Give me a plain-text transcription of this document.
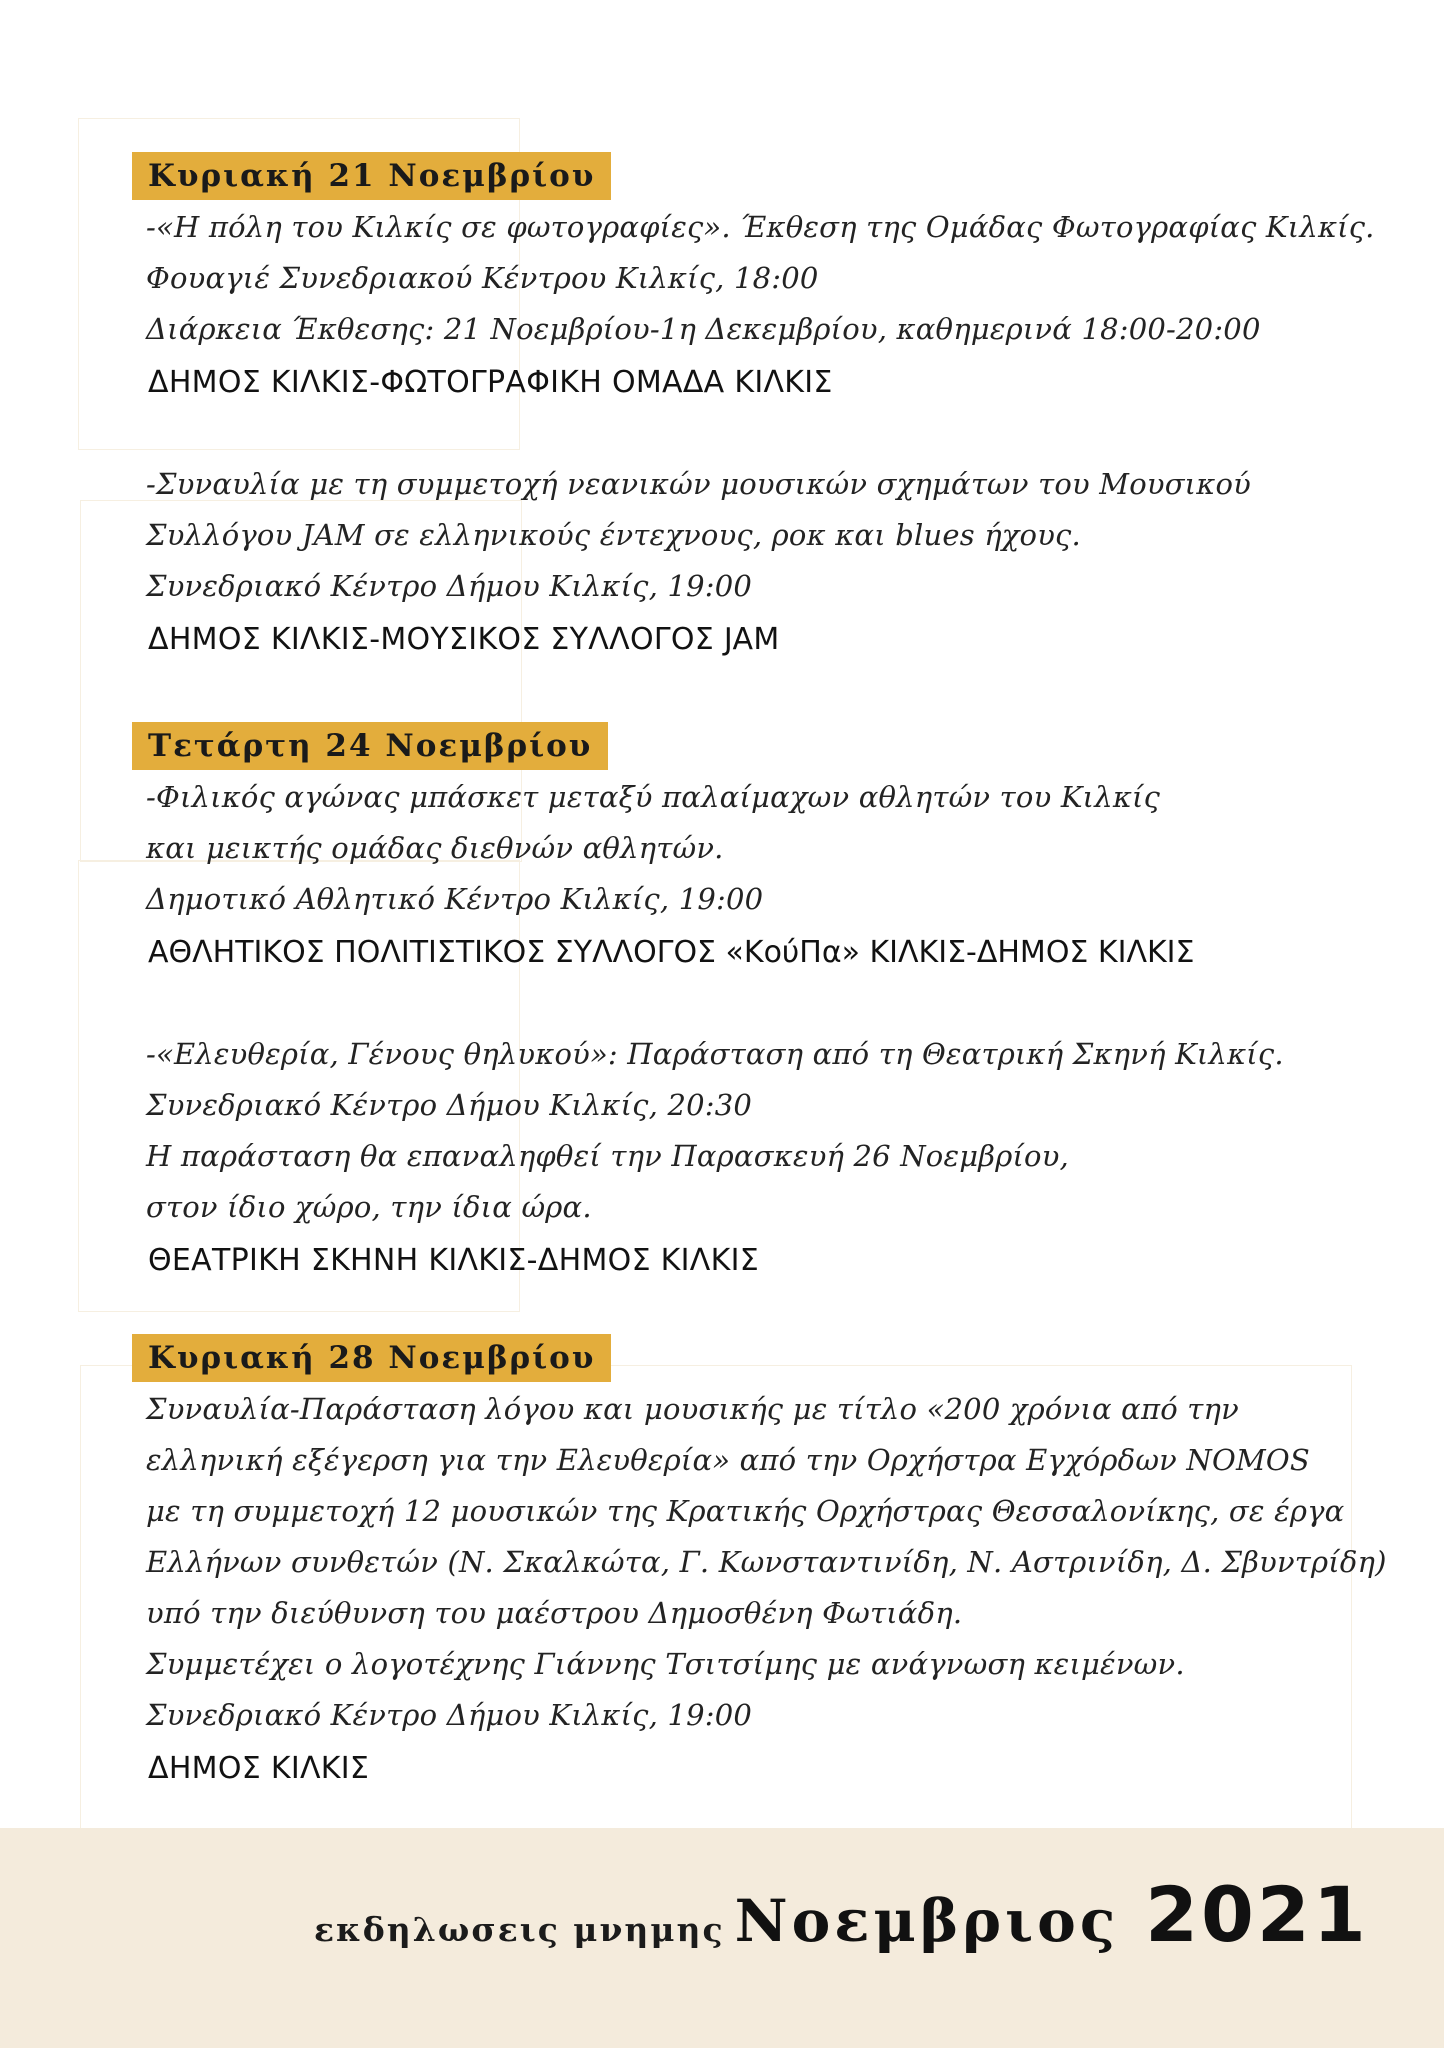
Κυριακή 21 Νοεμβρίου
-«Η πόλη του Κιλκίς σε φωτογραφίες». Έκθεση της Ομάδας Φωτογραφίας Κιλκίς.
Φουαγιέ Συνεδριακού Κέντρου Κιλκίς, 18:00
Διάρκεια Έκθεσης: 21 Νοεμβρίου-1η Δεκεμβρίου, καθημερινά 18:00-20:00
ΔΗΜΟΣ ΚΙΛΚΙΣ-ΦΩΤΟΓΡΑΦΙΚΗ ΟΜΑΔΑ ΚΙΛΚΙΣ
-Συναυλία με τη συμμετοχή νεανικών μουσικών σχημάτων του Μουσικού
Συλλόγου JAM σε ελληνικούς έντεχνους, ροκ και blues ήχους.
Συνεδριακό Κέντρο Δήμου Κιλκίς, 19:00
ΔΗΜΟΣ ΚΙΛΚΙΣ-ΜΟΥΣΙΚΟΣ ΣΥΛΛΟΓΟΣ JAM
Τετάρτη 24 Νοεμβρίου
-Φιλικός αγώνας μπάσκετ μεταξύ παλαίμαχων αθλητών του Κιλκίς
και μεικτής ομάδας διεθνών αθλητών.
Δημοτικό Αθλητικό Κέντρο Κιλκίς, 19:00
ΑΘΛΗΤΙΚΟΣ ΠΟΛΙΤΙΣΤΙΚΟΣ ΣΥΛΛΟΓΟΣ «ΚούΠα» ΚΙΛΚΙΣ-ΔΗΜΟΣ ΚΙΛΚΙΣ
-«Ελευθερία, Γένους θηλυκού»: Παράσταση από τη Θεατρική Σκηνή Κιλκίς.
Συνεδριακό Κέντρο Δήμου Κιλκίς, 20:30
Η παράσταση θα επαναληφθεί την Παρασκευή 26 Νοεμβρίου,
στον ίδιο χώρο, την ίδια ώρα.
ΘΕΑΤΡΙΚΗ ΣΚΗΝΗ ΚΙΛΚΙΣ-ΔΗΜΟΣ ΚΙΛΚΙΣ
Κυριακή 28 Νοεμβρίου
Συναυλία-Παράσταση λόγου και μουσικής με τίτλο «200 χρόνια από την
ελληνική εξέγερση για την Ελευθερία» από την Ορχήστρα Εγχόρδων NOMOS
με τη συμμετοχή 12 μουσικών της Κρατικής Ορχήστρας Θεσσαλονίκης, σε έργα
Ελλήνων συνθετών (Ν. Σκαλκώτα, Γ. Κωνσταντινίδη, Ν. Αστρινίδη, Δ. Σβυντρίδη)
υπό την διεύθυνση του μαέστρου Δημοσθένη Φωτιάδη.
Συμμετέχει ο λογοτέχνης Γιάννης Τσιτσίμης με ανάγνωση κειμένων.
Συνεδριακό Κέντρο Δήμου Κιλκίς, 19:00
ΔΗΜΟΣ ΚΙΛΚΙΣ
εκδηλωσεις μνημης Νοεμβριος 2021
